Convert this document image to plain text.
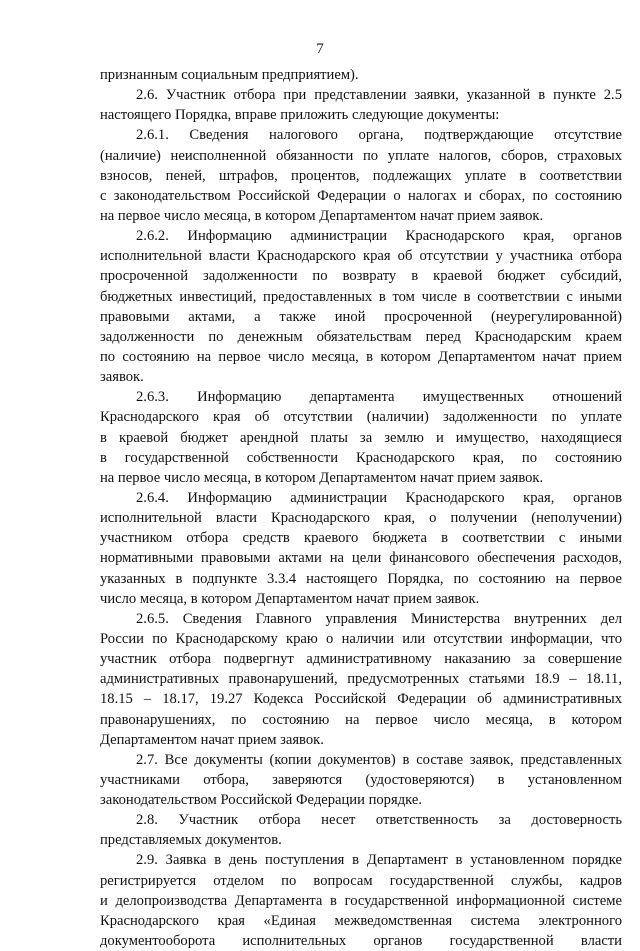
7
признанным социальным предприятием).
2.6. Участник отбора при представлении заявки, указанной в пункте 2.5
настоящего Порядка, вправе приложить следующие документы:
2.6.1. Сведения налогового органа, подтверждающие отсутствие
(наличие) неисполненной обязанности по уплате налогов, сборов, страховых
взносов, пеней, штрафов, процентов, подлежащих уплате в соответствии
с законодательством Российской Федерации о налогах и сборах, по состоянию
на первое число месяца, в котором Департаментом начат прием заявок.
2.6.2. Информацию администрации Краснодарского края, органов
исполнительной власти Краснодарского края об отсутствии у участника отбора
просроченной задолженности по возврату в краевой бюджет субсидий,
бюджетных инвестиций, предоставленных в том числе в соответствии с иными
правовыми актами, а также иной просроченной (неурегулированной)
задолженности по денежным обязательствам перед Краснодарским краем
по состоянию на первое число месяца, в котором Департаментом начат прием
заявок.
2.6.3. Информацию департамента имущественных отношений
Краснодарского края об отсутствии (наличии) задолженности по уплате
в краевой бюджет арендной платы за землю и имущество, находящиеся
в государственной собственности Краснодарского края, по состоянию
на первое число месяца, в котором Департаментом начат прием заявок.
2.6.4. Информацию администрации Краснодарского края, органов
исполнительной власти Краснодарского края, о получении (неполучении)
участником отбора средств краевого бюджета в соответствии с иными
нормативными правовыми актами на цели финансового обеспечения расходов,
указанных в подпункте 3.3.4 настоящего Порядка, по состоянию на первое
число месяца, в котором Департаментом начат прием заявок.
2.6.5. Сведения Главного управления Министерства внутренних дел
России по Краснодарскому краю о наличии или отсутствии информации, что
участник отбора подвергнут административному наказанию за совершение
административных правонарушений, предусмотренных статьями 18.9 – 18.11,
18.15 – 18.17, 19.27 Кодекса Российской Федерации об административных
правонарушениях, по состоянию на первое число месяца, в котором
Департаментом начат прием заявок.
2.7. Все документы (копии документов) в составе заявок, представленных
участниками отбора, заверяются (удостоверяются) в установленном
законодательством Российской Федерации порядке.
2.8. Участник отбора несет ответственность за достоверность
представляемых документов.
2.9. Заявка в день поступления в Департамент в установленном порядке
регистрируется отделом по вопросам государственной службы, кадров
и делопроизводства Департамента в государственной информационной системе
Краснодарского края «Единая межведомственная система электронного
документооборота исполнительных органов государственной власти
